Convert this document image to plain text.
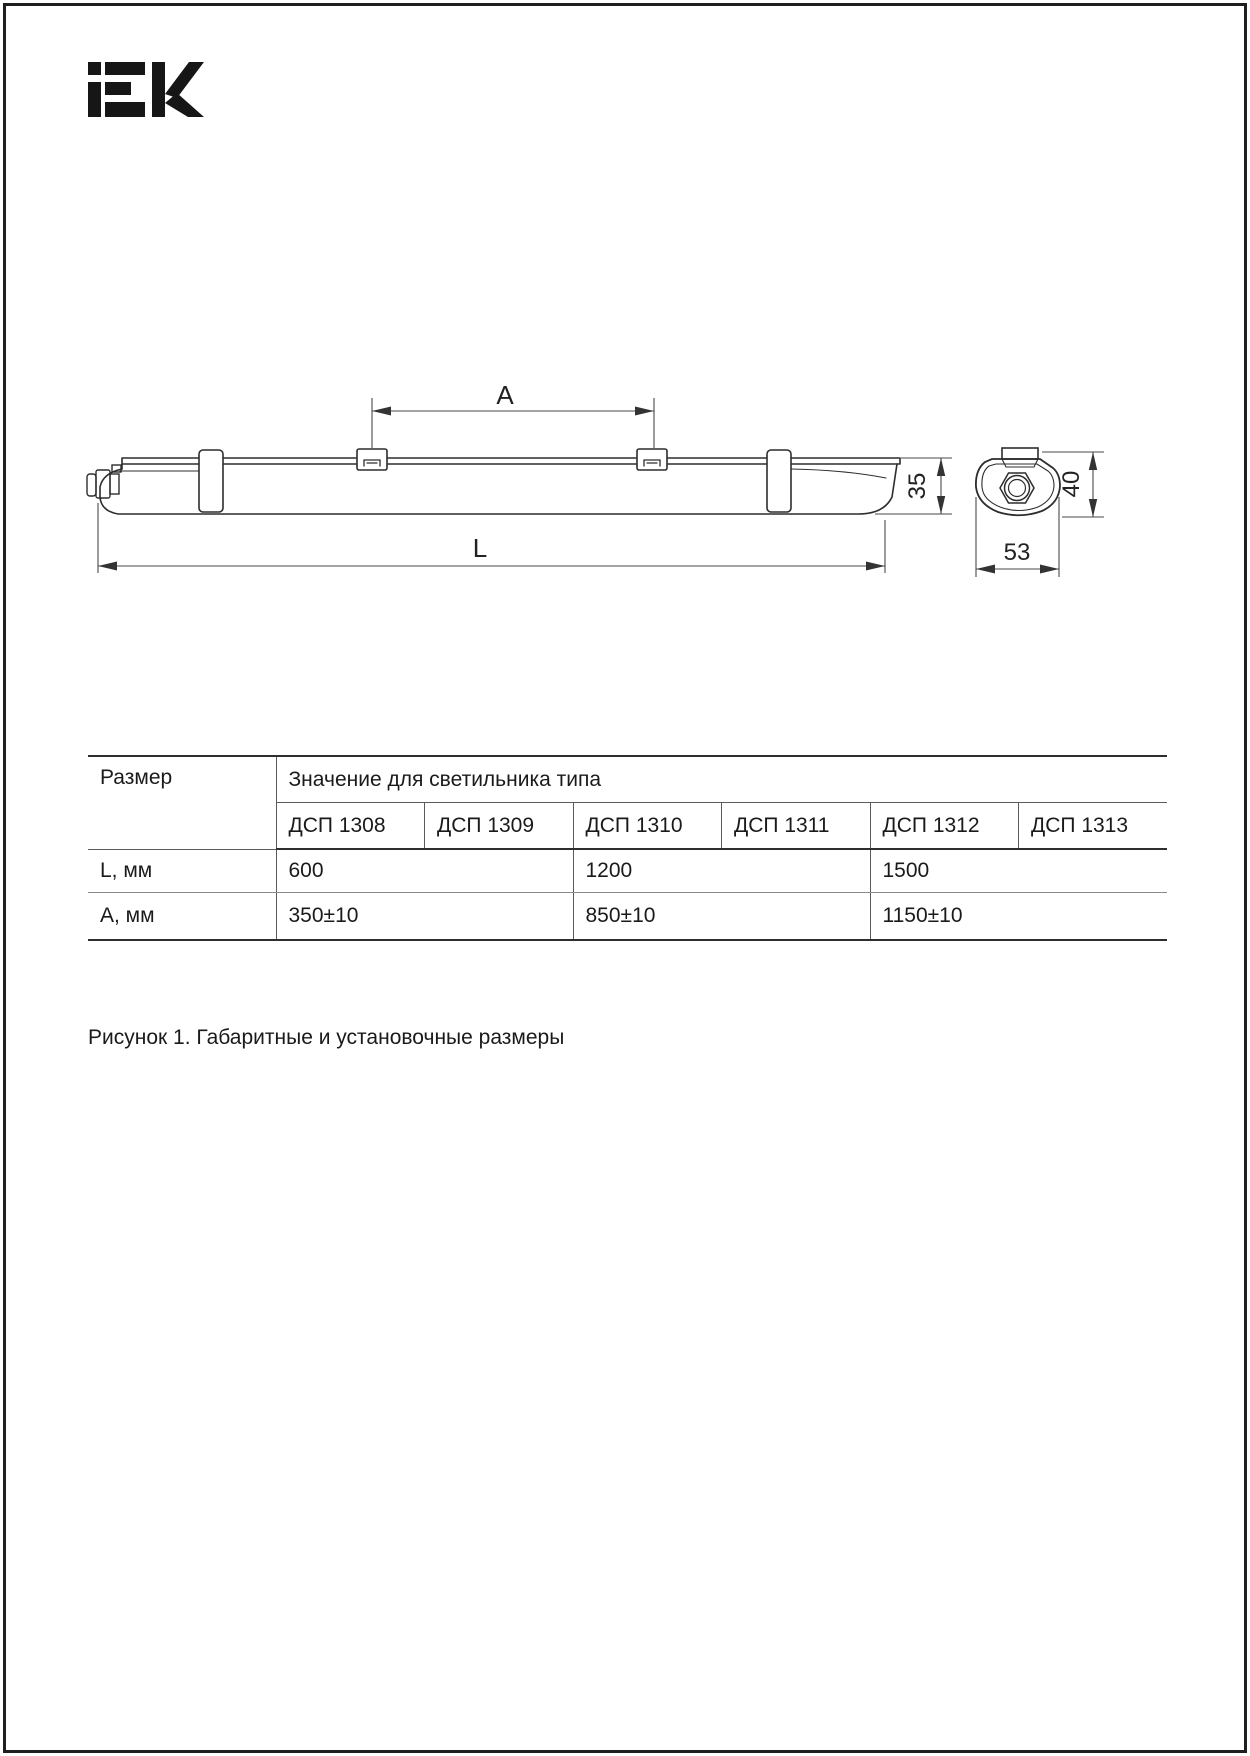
A
L
35	40
53
Размер	Значение для светильника типа					
	ДСП 1308	ДСП 1309	ДСП 1310	ДСП 1311	ДСП 1312	ДСП 1313
L, мм	600		1200		1500	
А, мм	350±10		850±10		1150±10	
Рисунок 1. Габаритные и установочные размеры
